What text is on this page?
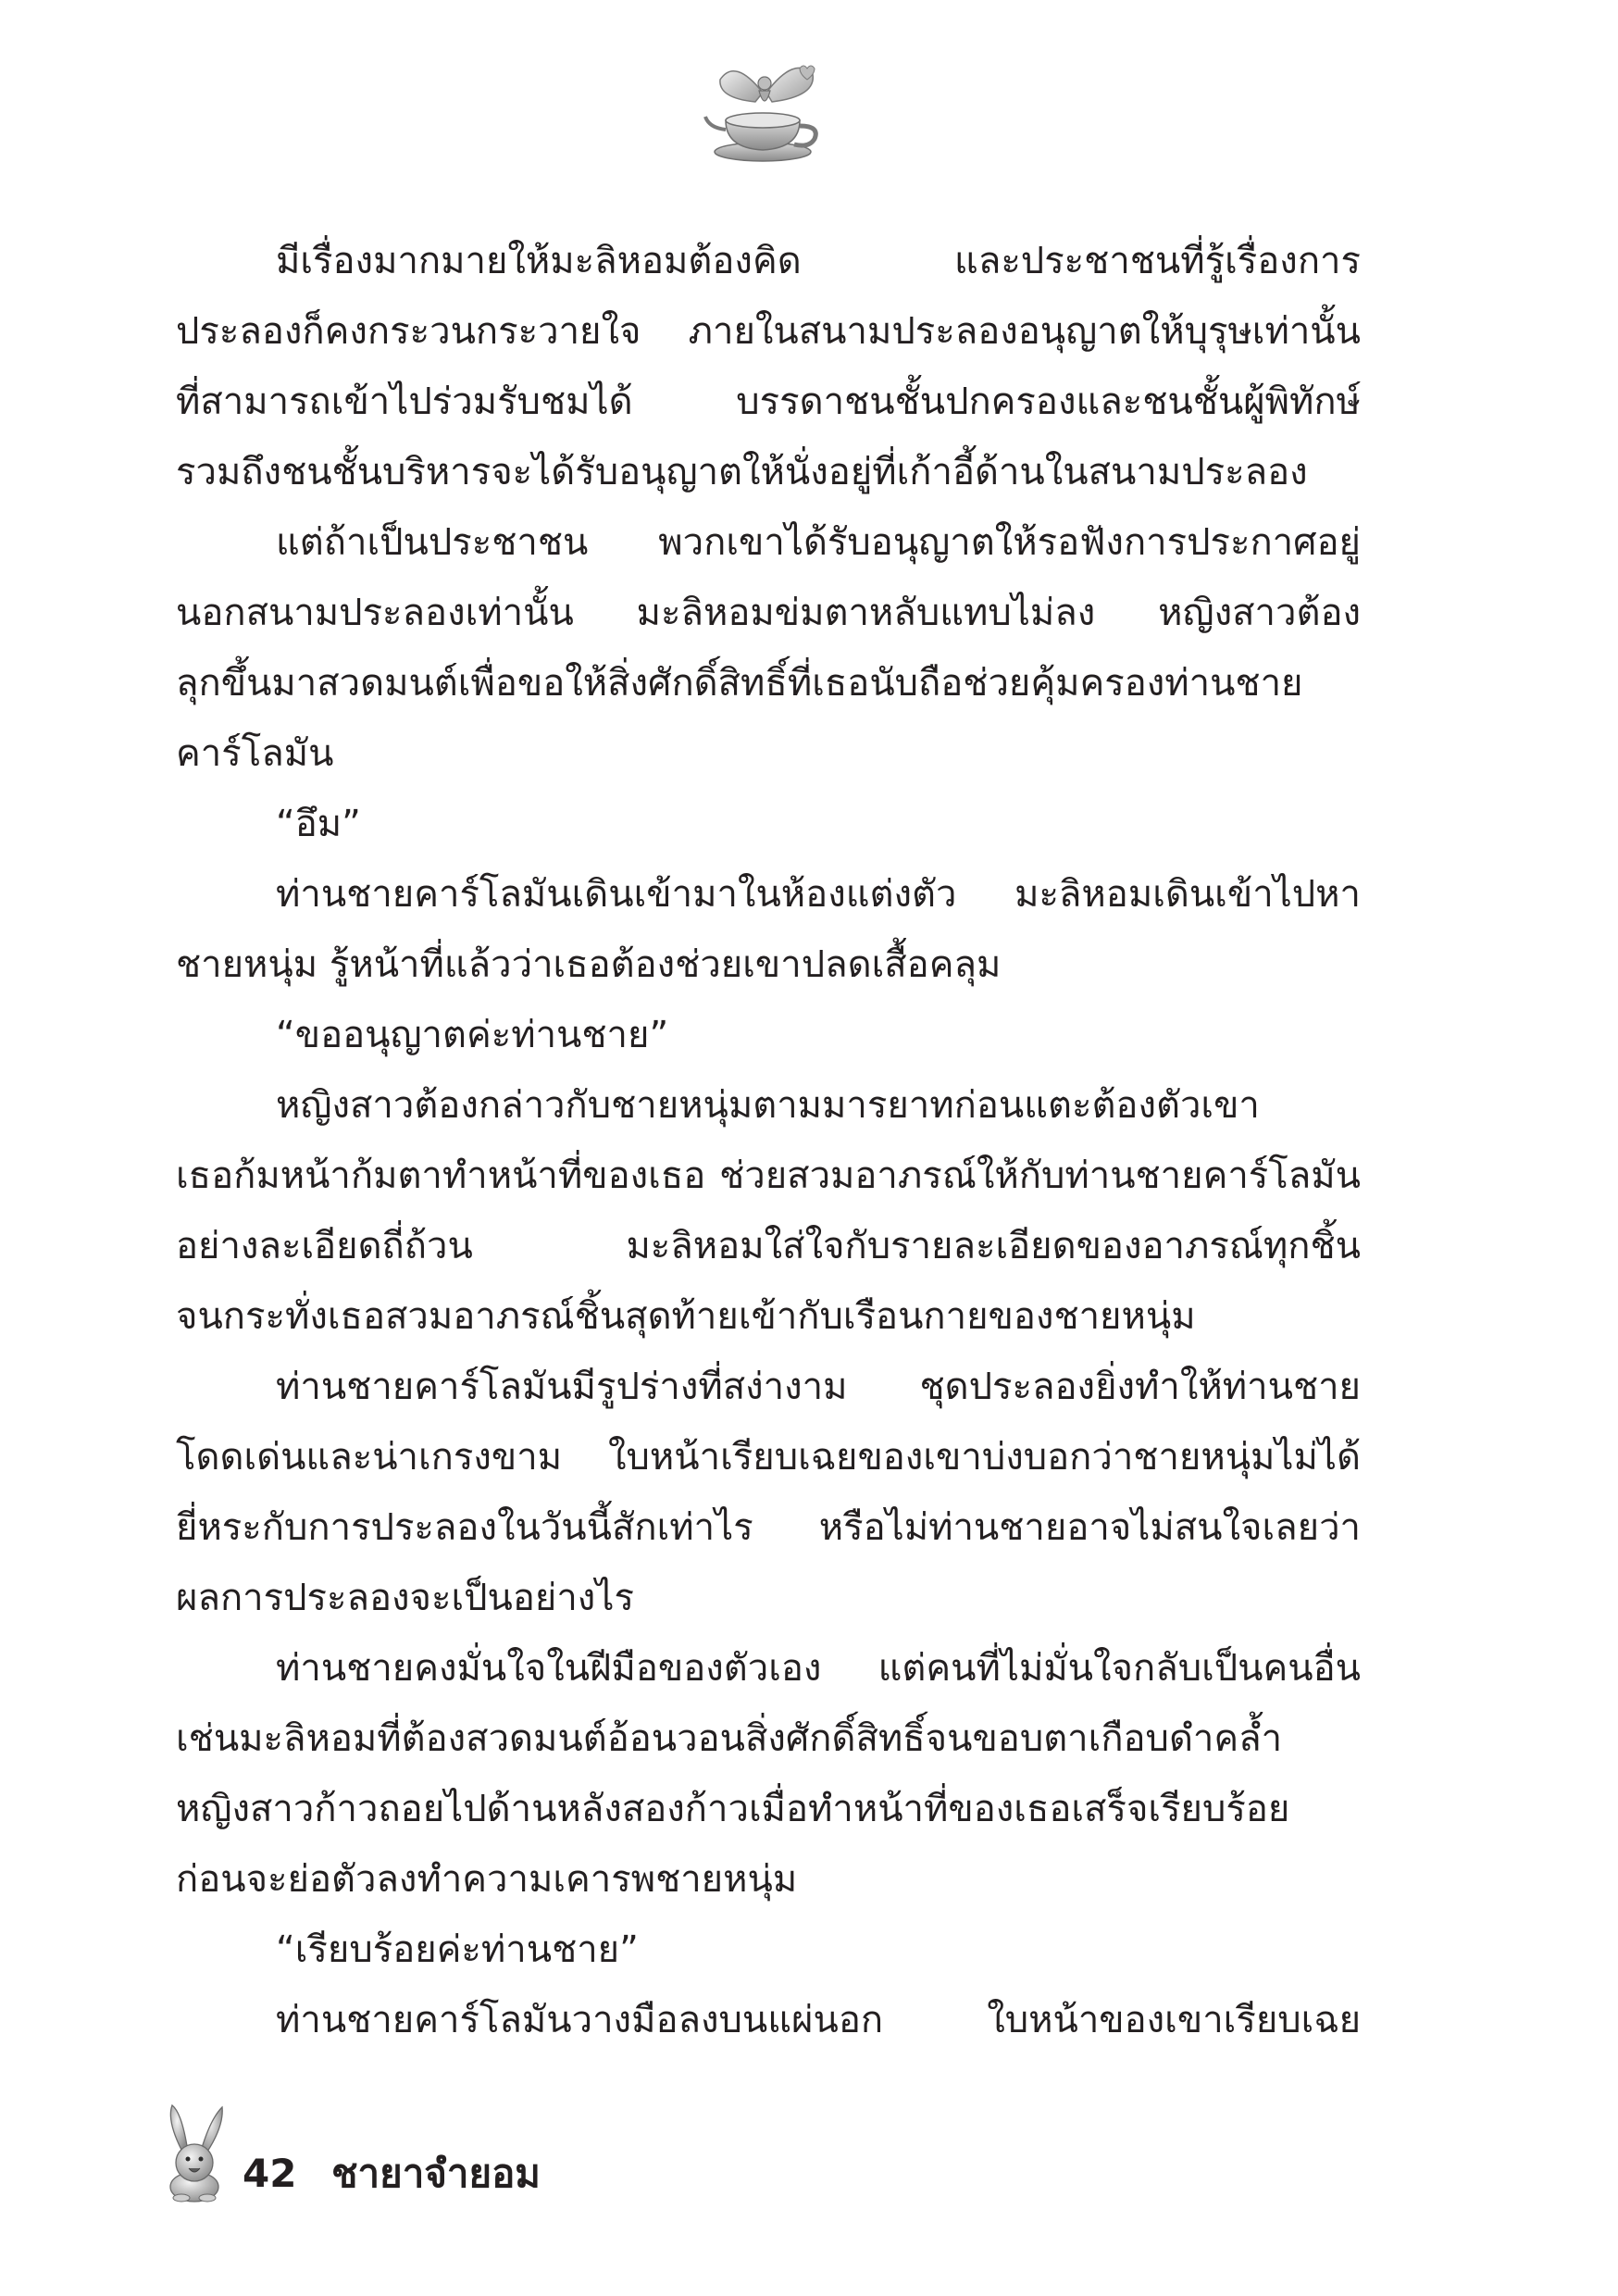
มีเรื่องมากมายให้มะลิหอมต้องคิด และประชาชนที่รู้เรื่องการ
ประลองก็คงกระวนกระวายใจ ภายในสนามประลองอนุญาตให้บุรุษเท่านั้น
ที่สามารถเข้าไปร่วมรับชมได้ บรรดาชนชั้นปกครองและชนชั้นผู้พิทักษ์
รวมถึงชนชั้นบริหารจะได้รับอนุญาตให้นั่งอยู่ที่เก้าอี้ด้านในสนามประลอง
แต่ถ้าเป็นประชาชน พวกเขาได้รับอนุญาตให้รอฟังการประกาศอยู่
นอกสนามประลองเท่านั้น มะลิหอมข่มตาหลับแทบไม่ลง หญิงสาวต้อง
ลุกขึ้นมาสวดมนต์เพื่อขอให้สิ่งศักดิ์สิทธิ์ที่เธอนับถือช่วยคุ้มครองท่านชาย
คาร์โลมัน
“อึม”
ท่านชายคาร์โลมันเดินเข้ามาในห้องแต่งตัว มะลิหอมเดินเข้าไปหา
ชายหนุ่ม รู้หน้าที่แล้วว่าเธอต้องช่วยเขาปลดเสื้อคลุม
“ขออนุญาตค่ะท่านชาย”
หญิงสาวต้องกล่าวกับชายหนุ่มตามมารยาทก่อนแตะต้องตัวเขา
เธอก้มหน้าก้มตาทำหน้าที่ของเธอ ช่วยสวมอาภรณ์ให้กับท่านชายคาร์โลมัน
อย่างละเอียดถี่ถ้วน มะลิหอมใส่ใจกับรายละเอียดของอาภรณ์ทุกชิ้น
จนกระทั่งเธอสวมอาภรณ์ชิ้นสุดท้ายเข้ากับเรือนกายของชายหนุ่ม
ท่านชายคาร์โลมันมีรูปร่างที่สง่างาม ชุดประลองยิ่งทำให้ท่านชาย
โดดเด่นและน่าเกรงขาม ใบหน้าเรียบเฉยของเขาบ่งบอกว่าชายหนุ่มไม่ได้
ยี่หระกับการประลองในวันนี้สักเท่าไร หรือไม่ท่านชายอาจไม่สนใจเลยว่า
ผลการประลองจะเป็นอย่างไร
ท่านชายคงมั่นใจในฝีมือของตัวเอง แต่คนที่ไม่มั่นใจกลับเป็นคนอื่น
เช่นมะลิหอมที่ต้องสวดมนต์อ้อนวอนสิ่งศักดิ์สิทธิ์จนขอบตาเกือบดำคล้ำ
หญิงสาวก้าวถอยไปด้านหลังสองก้าวเมื่อทำหน้าที่ของเธอเสร็จเรียบร้อย
ก่อนจะย่อตัวลงทำความเคารพชายหนุ่ม
“เรียบร้อยค่ะท่านชาย”
ท่านชายคาร์โลมันวางมือลงบนแผ่นอก ใบหน้าของเขาเรียบเฉย
42 ชายาจำยอม
